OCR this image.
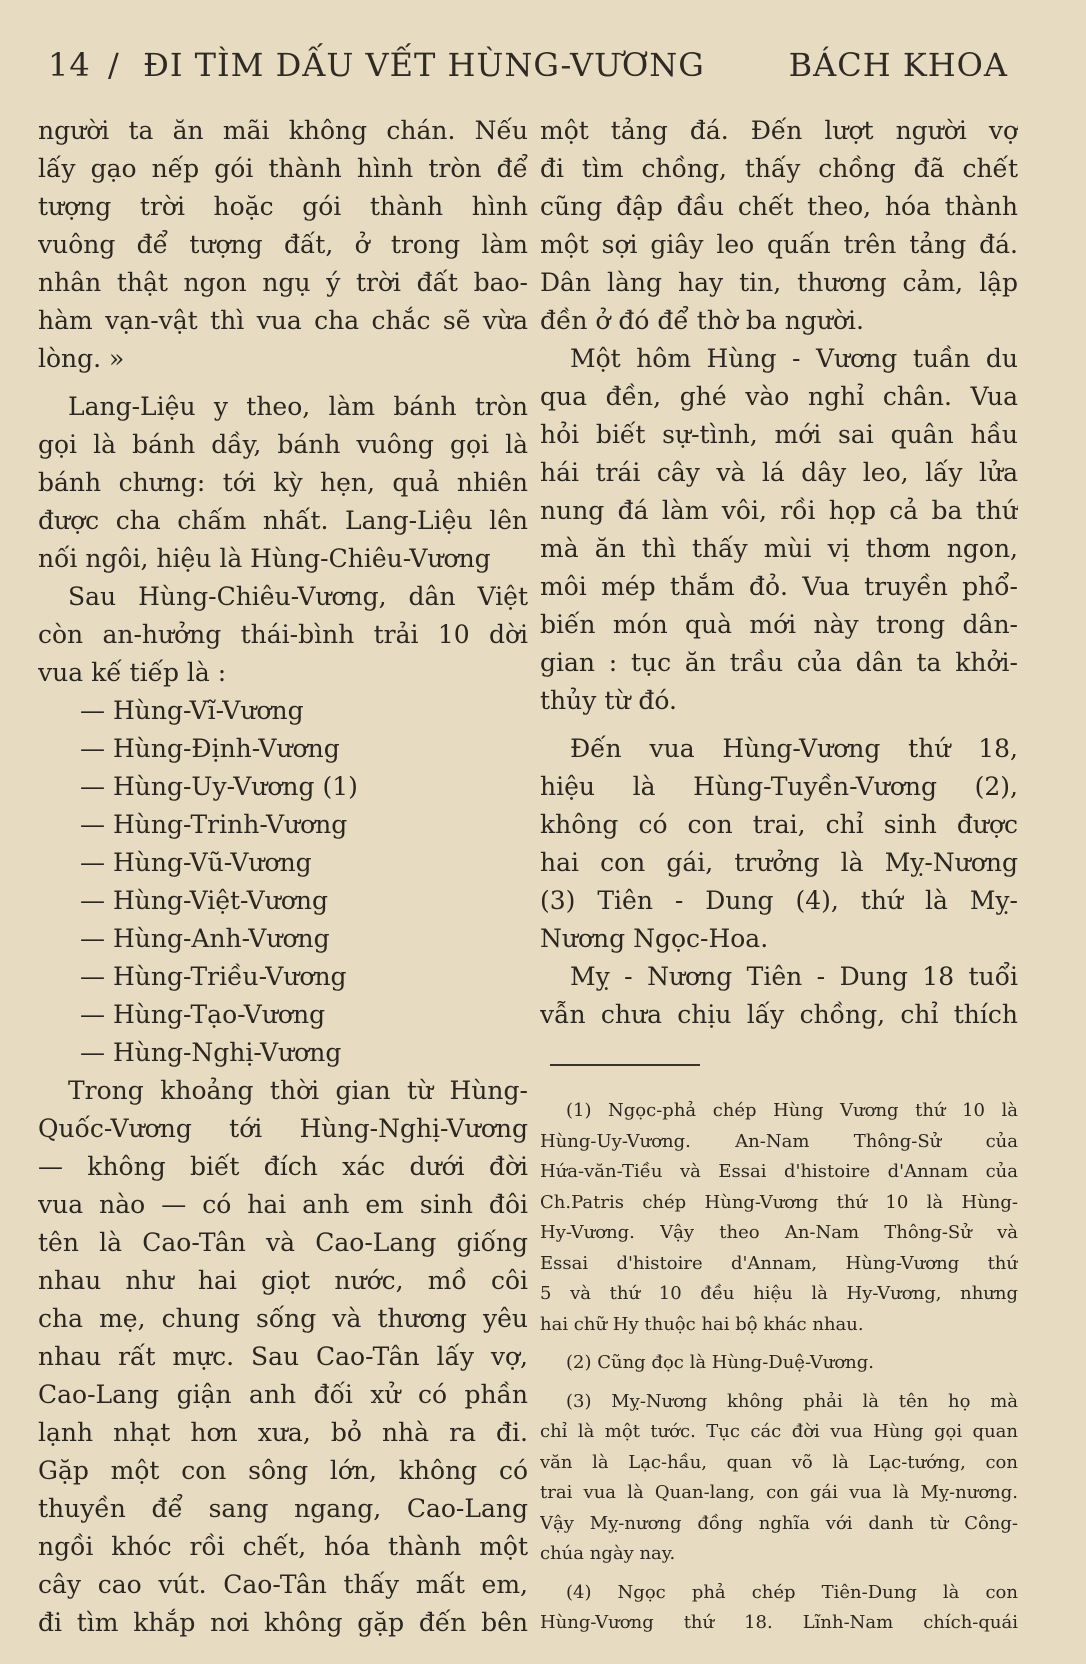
14 / ĐI TÌM DẤU VẾT HÙNG-VƯƠNG	BÁCH KHOA
người ta ăn mãi không chán. Nếu
lấy gạo nếp gói thành hình tròn để
tượng trời hoặc gói thành hình
vuông để tượng đất, ở trong làm
nhân thật ngon ngụ ý trời đất bao-
hàm vạn-vật thì vua cha chắc sẽ vừa
lòng. »
Lang-Liệu y theo, làm bánh tròn
gọi là bánh dầy, bánh vuông gọi là
bánh chưng: tới kỳ hẹn, quả nhiên
được cha chấm nhất. Lang-Liệu lên
nối ngôi, hiệu là Hùng-Chiêu-Vương
Sau Hùng-Chiêu-Vương, dân Việt
còn an-hưởng thái-bình trải 10 dời
vua kế tiếp là :
— Hùng-Vĩ-Vương
— Hùng-Định-Vương
— Hùng-Uy-Vương (1)
— Hùng-Trinh-Vương
— Hùng-Vũ-Vương
— Hùng-Việt-Vương
— Hùng-Anh-Vương
— Hùng-Triều-Vương
— Hùng-Tạo-Vương
— Hùng-Nghị-Vương
Trong khoảng thời gian từ Hùng-
Quốc-Vương tới Hùng-Nghị-Vương
— không biết đích xác dưới đời
vua nào — có hai anh em sinh đôi
tên là Cao-Tân và Cao-Lang giống
nhau như hai giọt nước, mồ côi
cha mẹ, chung sống và thương yêu
nhau rất mực. Sau Cao-Tân lấy vợ,
Cao-Lang giận anh đối xử có phần
lạnh nhạt hơn xưa, bỏ nhà ra đi.
Gặp một con sông lớn, không có
thuyền để sang ngang, Cao-Lang
ngồi khóc rồi chết, hóa thành một
cây cao vút. Cao-Tân thấy mất em,
đi tìm khắp nơi không gặp đến bên
một tảng đá. Đến lượt người vợ
đi tìm chồng, thấy chồng đã chết
cũng đập đầu chết theo, hóa thành
một sợi giây leo quấn trên tảng đá.
Dân làng hay tin, thương cảm, lập
đền ở đó để thờ ba người.
Một hôm Hùng - Vương tuần du
qua đền, ghé vào nghỉ chân. Vua
hỏi biết sự-tình, mới sai quân hầu
hái trái cây và lá dây leo, lấy lửa
nung đá làm vôi, rồi họp cả ba thứ
mà ăn thì thấy mùi vị thơm ngon,
môi mép thắm đỏ. Vua truyền phổ-
biến món quà mới này trong dân-
gian : tục ăn trầu của dân ta khởi-
thủy từ đó.
Đến vua Hùng-Vương thứ 18,
hiệu là Hùng-Tuyền-Vương (2),
không có con trai, chỉ sinh được
hai con gái, trưởng là Mỵ-Nương
(3) Tiên - Dung (4), thứ là Mỵ-
Nương Ngọc-Hoa.
Mỵ - Nương Tiên - Dung 18 tuổi
vẫn chưa chịu lấy chồng, chỉ thích
(1) Ngọc-phả chép Hùng Vương thứ 10 là
Hùng-Uy-Vương. An-Nam Thông-Sử của
Hứa-văn-Tiều và Essai d'histoire d'Annam của
Ch.Patris chép Hùng-Vương thứ 10 là Hùng-
Hy-Vương. Vậy theo An-Nam Thông-Sử và
Essai d'histoire d'Annam, Hùng-Vương thứ
5 và thứ 10 đều hiệu là Hy-Vương, nhưng
hai chữ Hy thuộc hai bộ khác nhau.
(2) Cũng đọc là Hùng-Duệ-Vương.
(3) Mỵ-Nương không phải là tên họ mà
chỉ là một tước. Tục các đời vua Hùng gọi quan
văn là Lạc-hầu, quan võ là Lạc-tướng, con
trai vua là Quan-lang, con gái vua là Mỵ-nương.
Vậy Mỵ-nương đồng nghĩa với danh từ Công-
chúa ngày nay.
(4) Ngọc phả chép Tiên-Dung là con
Hùng-Vương thứ 18. Lĩnh-Nam chích-quái
